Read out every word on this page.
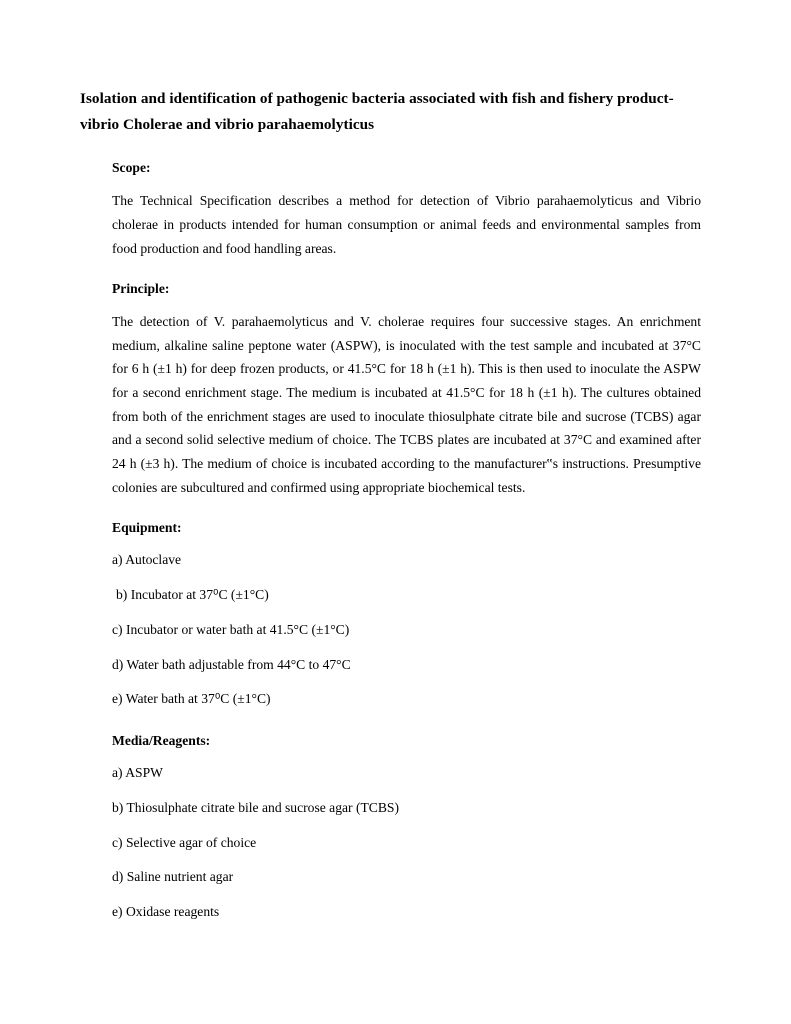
Isolation and identification of pathogenic bacteria associated with fish and fishery product- vibrio Cholerae and vibrio parahaemolyticus
Scope:

The Technical Specification describes a method for detection of Vibrio parahaemolyticus and Vibrio cholerae in products intended for human consumption or animal feeds and environmental samples from food production and food handling areas.

Principle:

The detection of V. parahaemolyticus and V. cholerae requires four successive stages. An enrichment medium, alkaline saline peptone water (ASPW), is inoculated with the test sample and incubated at 37°C for 6 h (±1 h) for deep frozen products, or 41.5°C for 18 h (±1 h). This is then used to inoculate the ASPW for a second enrichment stage. The medium is incubated at 41.5°C for 18 h (±1 h). The cultures obtained from both of the enrichment stages are used to inoculate thiosulphate citrate bile and sucrose (TCBS) agar and a second solid selective medium of choice. The TCBS plates are incubated at 37°C and examined after 24 h (±3 h). The medium of choice is incubated according to the manufacturer‟s instructions. Presumptive colonies are subcultured and confirmed using appropriate biochemical tests.

Equipment:

a) Autoclave

b) Incubator at 37⁰C (±1°C)

c) Incubator or water bath at 41.5°C (±1°C)

d) Water bath adjustable from 44°C to 47°C

e) Water bath at 37⁰C (±1°C)

Media/Reagents:

a) ASPW

b) Thiosulphate citrate bile and sucrose agar (TCBS)

c) Selective agar of choice

d) Saline nutrient agar

e) Oxidase reagents
